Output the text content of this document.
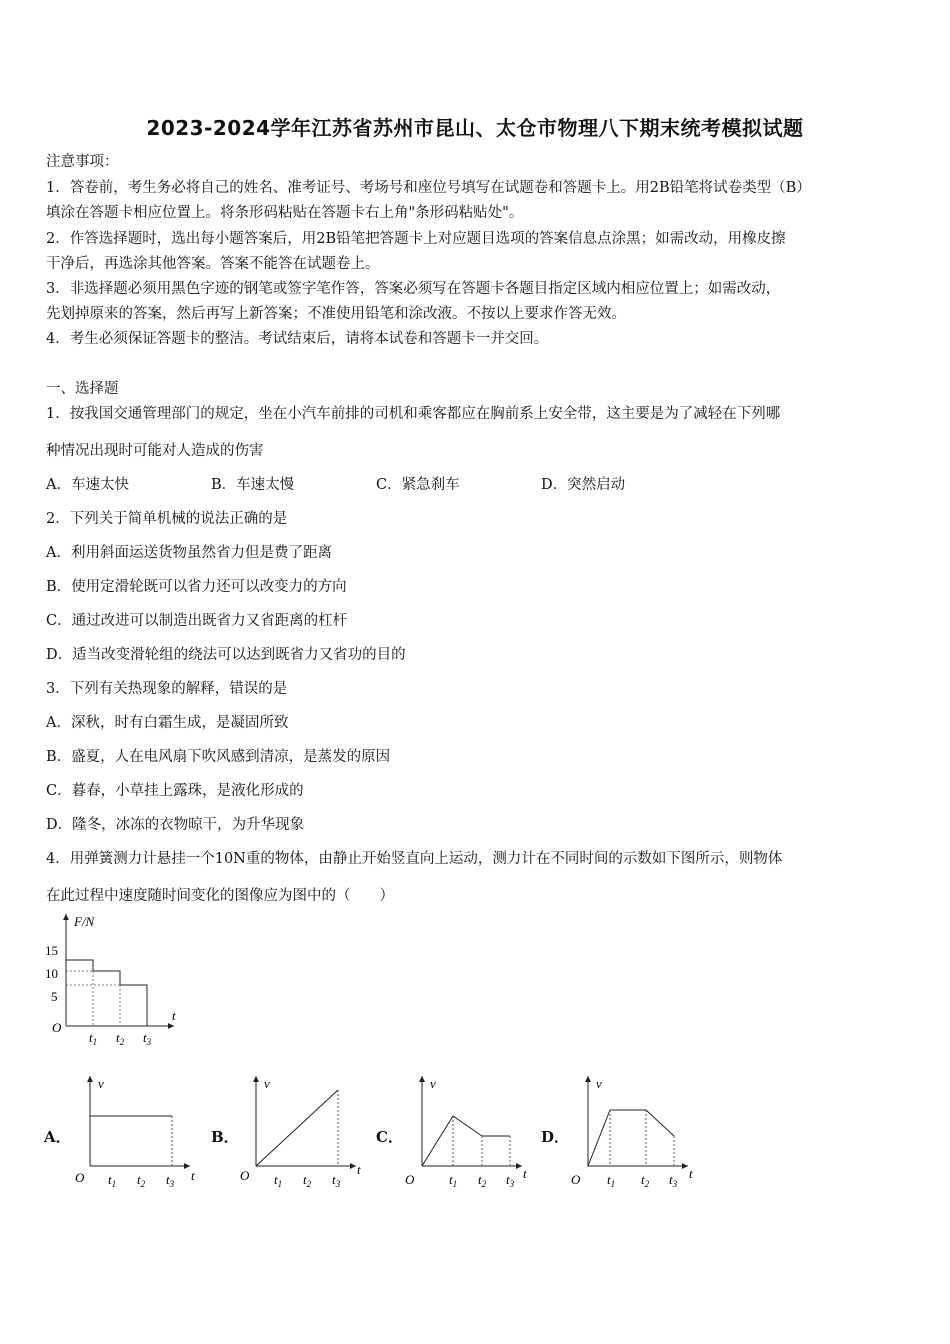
2023-2024学年江苏省苏州市昆山、太仓市物理八下期末统考模拟试题
注意事项：
1．答卷前，考生务必将自己的姓名、准考证号、考场号和座位号填写在试题卷和答题卡上。用2B铅笔将试卷类型（B）
填涂在答题卡相应位置上。将条形码粘贴在答题卡右上角"条形码粘贴处"。
2．作答选择题时，选出每小题答案后，用2B铅笔把答题卡上对应题目选项的答案信息点涂黑；如需改动，用橡皮擦
干净后，再选涂其他答案。答案不能答在试题卷上。
3．非选择题必须用黑色字迹的钢笔或签字笔作答，答案必须写在答题卡各题目指定区域内相应位置上；如需改动，
先划掉原来的答案，然后再写上新答案；不准使用铅笔和涂改液。不按以上要求作答无效。
4．考生必须保证答题卡的整洁。考试结束后，请将本试卷和答题卡一并交回。
一、选择题
1．按我国交通管理部门的规定，坐在小汽车前排的司机和乘客都应在胸前系上安全带，这主要是为了减轻在下列哪
种情况出现时可能对人造成的伤害
A．车速太快	B．车速太慢	C．紧急刹车	D．突然启动
2．下列关于简单机械的说法正确的是
A．利用斜面运送货物虽然省力但是费了距离
B．使用定滑轮既可以省力还可以改变力的方向
C．通过改进可以制造出既省力又省距离的杠杆
D．适当改变滑轮组的绕法可以达到既省力又省功的目的
3．下列有关热现象的解释，错误的是
A．深秋，时有白霜生成，是凝固所致
B．盛夏，人在电风扇下吹风感到清凉，是蒸发的原因
C．暮春，小草挂上露珠，是液化形成的
D．隆冬，冰冻的衣物晾干，为升华现象
4．用弹簧测力计悬挂一个10N重的物体，由静止开始竖直向上运动，测力计在不同时间的示数如下图所示，则物体
在此过程中速度随时间变化的图像应为图中的（　　）
F/N
t
O
15
10
5
$t_1$ $t_2$ $t_3$
A．	B．	C．	D．
v
t
O $t_1$ $t_2$ $t_3$
v
t
O $t_1$ $t_2$ $t_3$
v
t
O	$t_1$ $t_2$ $t_3$
v
t
O $t_1$ $t_2$ $t_3$
